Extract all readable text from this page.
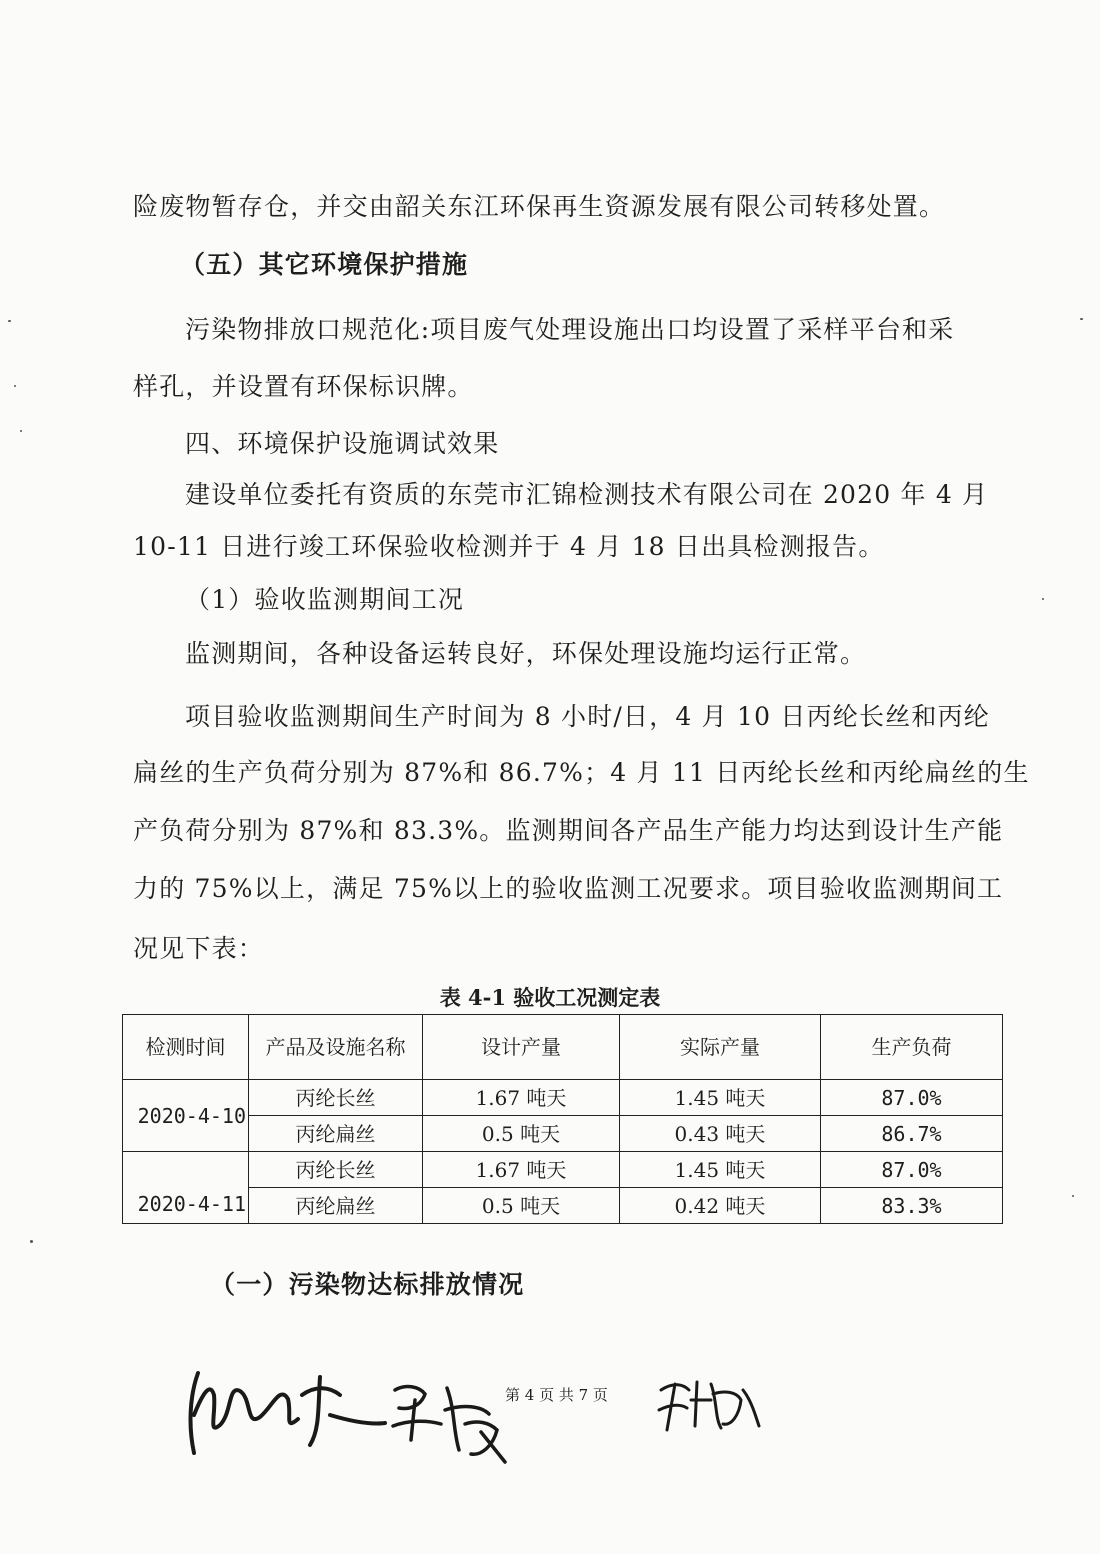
险废物暂存仓，并交由韶关东江环保再生资源发展有限公司转移处置。

（五）其它环境保护措施

污染物排放口规范化:项目废气处理设施出口均设置了采样平台和采

样孔，并设置有环保标识牌。

四、环境保护设施调试效果

建设单位委托有资质的东莞市汇锦检测技术有限公司在 2020 年 4 月

10-11 日进行竣工环保验收检测并于 4 月 18 日出具检测报告。

（1）验收监测期间工况

监测期间，各种设备运转良好，环保处理设施均运行正常。

项目验收监测期间生产时间为 8 小时/日，4 月 10 日丙纶长丝和丙纶

扁丝的生产负荷分别为 87%和 86.7%；4 月 11 日丙纶长丝和丙纶扁丝的生

产负荷分别为 87%和 83.3%。监测期间各产品生产能力均达到设计生产能

力的 75%以上，满足 75%以上的验收监测工况要求。项目验收监测期间工

况见下表：

表 4-1 验收工况测定表

检测时间	产品及设施名称	设计产量	实际产量	生产负荷
2020-4-10	丙纶长丝	1.67 吨天	1.45 吨天	87.0%
	丙纶扁丝	0.5 吨天	0.43 吨天	86.7%
2020-4-11	丙纶长丝	1.67 吨天	1.45 吨天	87.0%
	丙纶扁丝	0.5 吨天	0.42 吨天	83.3%

（一）污染物达标排放情况

第 4 页 共 7 页
